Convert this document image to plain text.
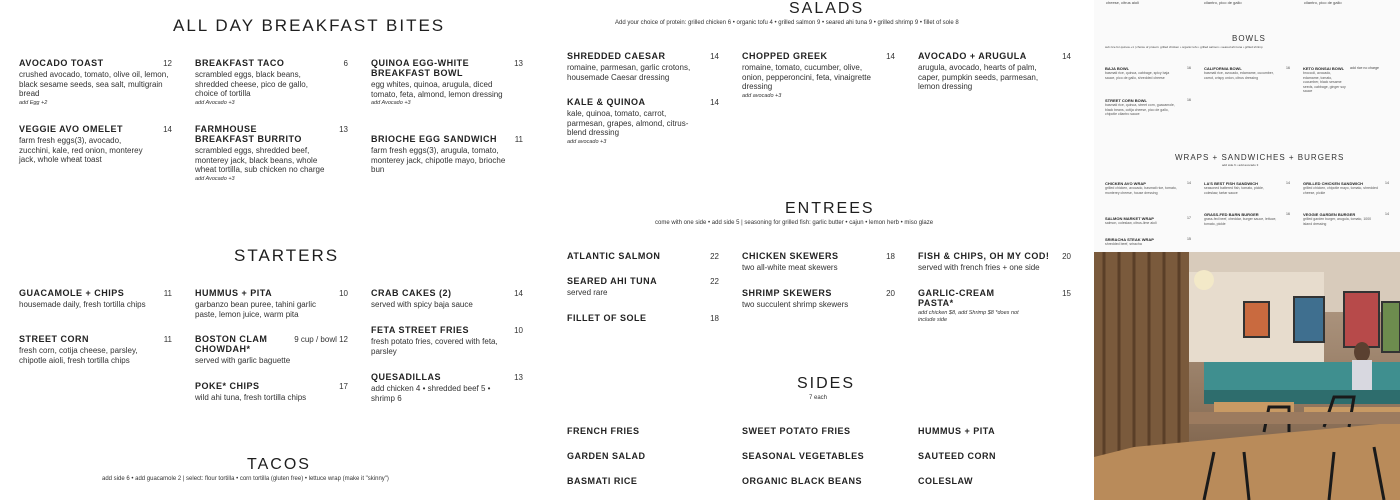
ALL DAY BREAKFAST BITES
AVOCADO TOAST
crushed avocado, tomato, olive oil, lemon, black sesame seeds, sea salt, multigrain bread
add Egg +2
12	BREAKFAST TACO
scrambled eggs, black beans, shredded cheese, pico de gallo, choice of tortilla
add Avocado +3
6	QUINOA EGG-WHITE BREAKFAST BOWL
egg whites, quinoa, arugula, diced tomato, feta, almond, lemon dressing
add Avocado +3
13
VEGGIE AVO OMELET
farm fresh eggs(3), avocado, zucchini, kale, red onion, monterey jack, whole wheat toast
14	FARMHOUSE BREAKFAST BURRITO
scrambled eggs, shredded beef, monterey jack, black beans, whole wheat tortilla, sub chicken no charge
add Avocado +3
13
BRIOCHE EGG SANDWICH
farm fresh eggs(3), arugula, tomato, monterey jack, chipotle mayo, brioche bun
11
STARTERS
GUACAMOLE + CHIPS
housemade daily, fresh tortilla chips
11	HUMMUS + PITA
garbanzo bean puree, tahini garlic paste, lemon juice, warm pita
10	CRAB CAKES (2)
served with spicy baja sauce
14
STREET CORN
fresh corn, cotija cheese, parsley, chipotle aioli, fresh tortilla chips
11	BOSTON CLAM CHOWDAH*
served with garlic baguette
9 cup / bowl 12
FETA STREET FRIES
fresh potato fries, covered with feta, parsley
10
POKE* CHIPS
wild ahi tuna, fresh tortilla chips
17
QUESADILLAS
add chicken 4 • shredded beef 5 • shrimp 6
13
TACOS
add side 6 • add guacamole 2 | select: flour tortilla • corn tortilla (gluten free) • lettuce wrap (make it "skinny")
SALADS
Add your choice of protein: grilled chicken 6 • organic tofu 4 • grilled salmon 9 • seared ahi tuna 9 • grilled shrimp 9 • fillet of sole 8
SHREDDED CAESAR
romaine, parmesan, garlic crotons, housemade Caesar dressing
14	CHOPPED GREEK
romaine, tomato, cucumber, olive, onion, pepperoncini, feta, vinaigrette dressing
add avocado +3
14	AVOCADO + ARUGULA
arugula, avocado, hearts of palm, caper, pumpkin seeds, parmesan, lemon dressing
14
KALE & QUINOA
kale, quinoa, tomato, carrot, parmesan, grapes, almond, citrus-blend dressing
add avocado +3
14
ENTREES
come with one side • add side 5 | seasoning for grilled fish: garlic butter • cajun • lemon herb • miso glaze
ATLANTIC SALMON	22	CHICKEN SKEWERS
two all-white meat skewers
18	FISH & CHIPS, OH MY COD!
served with french fries + one side
20
SEARED AHI TUNA
served rare
22
SHRIMP SKEWERS
two succulent shrimp skewers
20	GARLIC-CREAM PASTA*
add chicken $8, add Shrimp $8 *does not include side
15
FILLET OF SOLE	18
SIDES
7 each
FRENCH FRIES	SWEET POTATO FRIES	HUMMUS + PITA
GARDEN SALAD	SEASONAL VEGETABLES	SAUTEED CORN
BASMATI RICE	ORGANIC BLACK BEANS	COLESLAW
cheese, citrus aioli	cilantro, pico de gallo	cilantro, pico de gallo
BOWLS
sub rice for quinoa +1 | choice of protein: grilled chicken • organic tofu • grilled salmon • seared ahi tuna • grilled shrimp
BAJA BOWL
basmati rice, quinoa, cabbage, spicy baja sauce, pico de gallo, shredded cheese
16	CALIFORNIA BOWL
basmati rice, avocado, edamame, cucumber, carrot, crispy onion, citrus dressing
16	KETO BONSAI BOWL
broccoli, avocado, edamame, tomato, cucumber, black sesame seeds, cabbage, ginger soy sauce
add rice no charge
STREET CORN BOWL
basmati rice, quinoa, street corn, guacamole, black beans, cotija cheese, pico de gallo, chipotle cilantro sauce
16
WRAPS + SANDWICHES + BURGERS
add side 6 • add avocado 3
CHICKEN AVO WRAP
grilled chicken, avocado, basmati rice, tomato, monterey cheese, house dressing
14	LA'S BEST FISH SANDWICH
seasoned battered fish, tomato, pickle, coleslaw, tartar sauce
14	GRILLED CHICKEN SANDWICH
grilled chicken, chipotle mayo, tomato, shredded cheese, pickle
14
SALMON MARKET WRAP
salmon, coleslaw, citrus-lime aioli
17
GRASS-FED BARN BURGER
grass-fed beef, cheddar, burger sauce, lettuce, tomato, pickle
16	VEGGIE GARDEN BURGER
grilled garden burger, arugula, tomato, 1000 island dressing
14
SRIRACHA STEAK WRAP
shredded beef, sriracha
15
